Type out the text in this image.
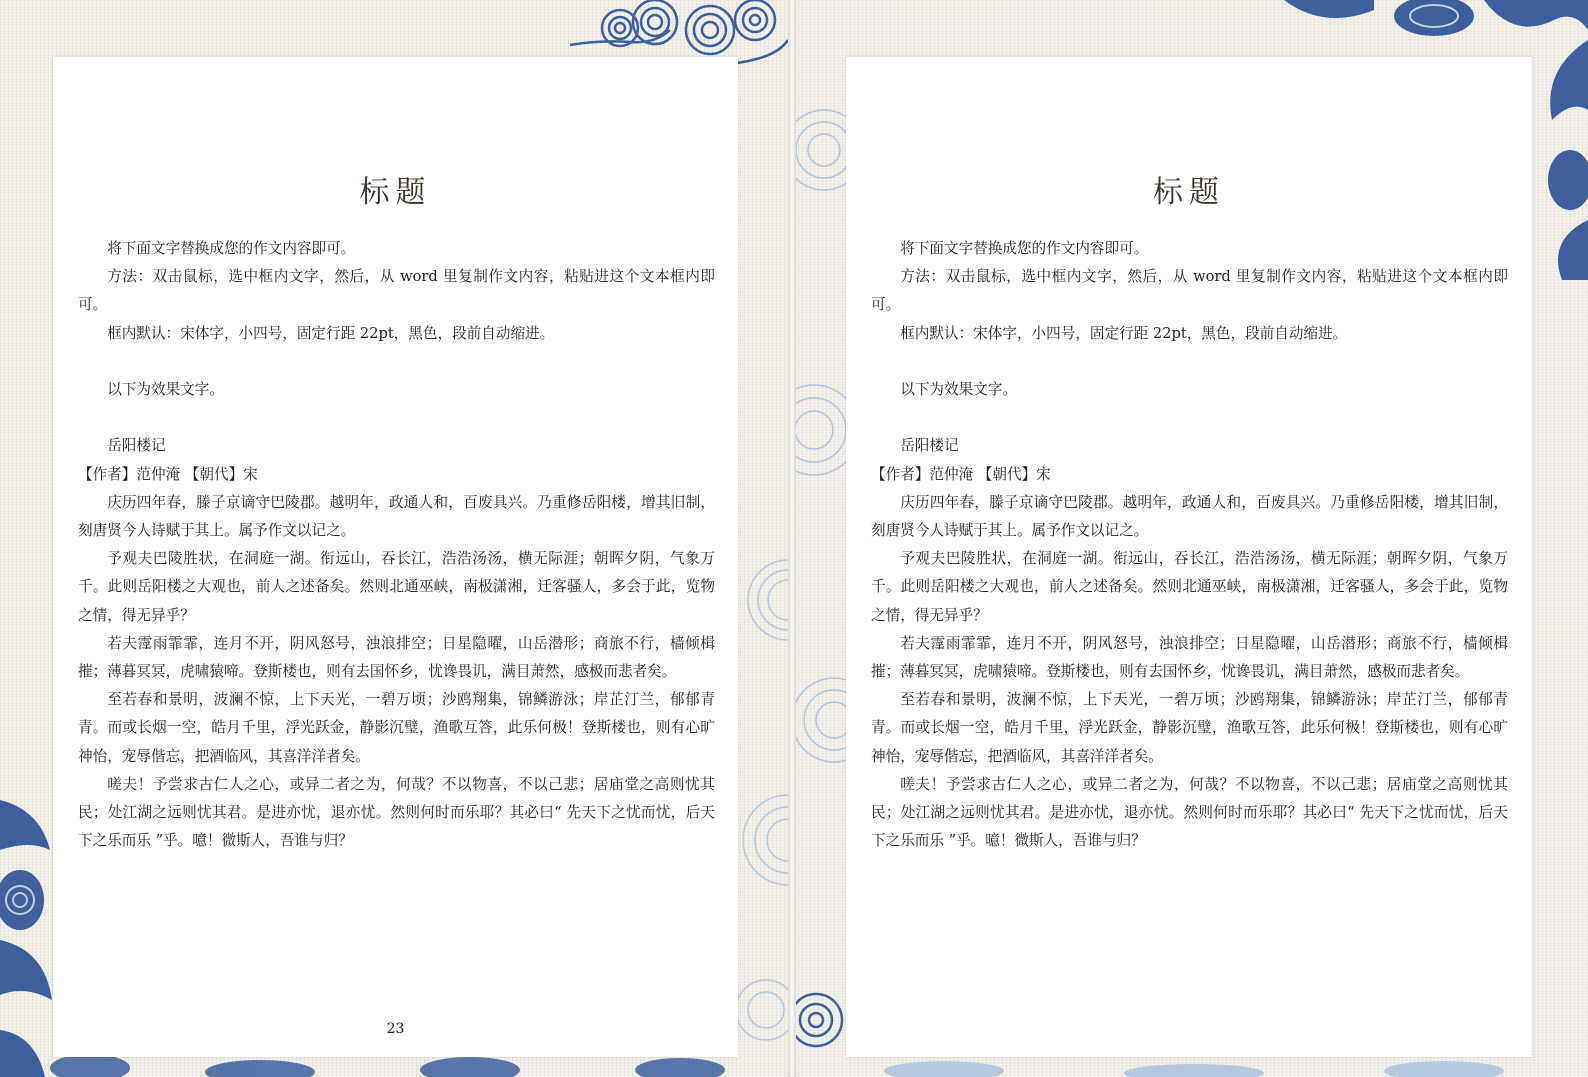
标题

将下面文字替换成您的作文内容即可。

方法：双击鼠标，选中框内文字，然后，从 word 里复制作文内容，粘贴进这个文本框内即可。

框内默认：宋体字，小四号，固定行距 22pt，黑色，段前自动缩进。

以下为效果文字。

岳阳楼记

【作者】范仲淹 【朝代】宋

庆历四年春，滕子京谪守巴陵郡。越明年，政通人和，百废具兴。乃重修岳阳楼，增其旧制，刻唐贤今人诗赋于其上。属予作文以记之。

予观夫巴陵胜状，在洞庭一湖。衔远山，吞长江，浩浩汤汤，横无际涯；朝晖夕阴，气象万千。此则岳阳楼之大观也，前人之述备矣。然则北通巫峡，南极潇湘，迁客骚人，多会于此，览物之情，得无异乎？

若夫霪雨霏霏，连月不开，阴风怒号，浊浪排空；日星隐曜，山岳潜形；商旅不行，樯倾楫摧；薄暮冥冥，虎啸猿啼。登斯楼也，则有去国怀乡，忧谗畏讥，满目萧然，感极而悲者矣。

至若春和景明，波澜不惊，上下天光，一碧万顷；沙鸥翔集，锦鳞游泳；岸芷汀兰，郁郁青青。而或长烟一空，皓月千里，浮光跃金，静影沉璧，渔歌互答，此乐何极！登斯楼也，则有心旷神怡，宠辱偕忘，把酒临风，其喜洋洋者矣。

嗟夫！予尝求古仁人之心，或异二者之为，何哉？不以物喜，不以己悲；居庙堂之高则忧其民；处江湖之远则忧其君。是进亦忧，退亦忧。然则何时而乐耶？其必曰“ 先天下之忧而忧，后天下之乐而乐 ”乎。噫！微斯人，吾谁与归？

23
标题

将下面文字替换成您的作文内容即可。

方法：双击鼠标，选中框内文字，然后，从 word 里复制作文内容，粘贴进这个文本框内即可。

框内默认：宋体字，小四号，固定行距 22pt，黑色，段前自动缩进。

以下为效果文字。

岳阳楼记

【作者】范仲淹 【朝代】宋

庆历四年春，滕子京谪守巴陵郡。越明年，政通人和，百废具兴。乃重修岳阳楼，增其旧制，刻唐贤今人诗赋于其上。属予作文以记之。

予观夫巴陵胜状，在洞庭一湖。衔远山，吞长江，浩浩汤汤，横无际涯；朝晖夕阴，气象万千。此则岳阳楼之大观也，前人之述备矣。然则北通巫峡，南极潇湘，迁客骚人，多会于此，览物之情，得无异乎？

若夫霪雨霏霏，连月不开，阴风怒号，浊浪排空；日星隐曜，山岳潜形；商旅不行，樯倾楫摧；薄暮冥冥，虎啸猿啼。登斯楼也，则有去国怀乡，忧谗畏讥，满目萧然，感极而悲者矣。

至若春和景明，波澜不惊，上下天光，一碧万顷；沙鸥翔集，锦鳞游泳；岸芷汀兰，郁郁青青。而或长烟一空，皓月千里，浮光跃金，静影沉璧，渔歌互答，此乐何极！登斯楼也，则有心旷神怡，宠辱偕忘，把酒临风，其喜洋洋者矣。

嗟夫！予尝求古仁人之心，或异二者之为，何哉？不以物喜，不以己悲；居庙堂之高则忧其民；处江湖之远则忧其君。是进亦忧，退亦忧。然则何时而乐耶？其必曰“ 先天下之忧而忧，后天下之乐而乐 ”乎。噫！微斯人，吾谁与归？
